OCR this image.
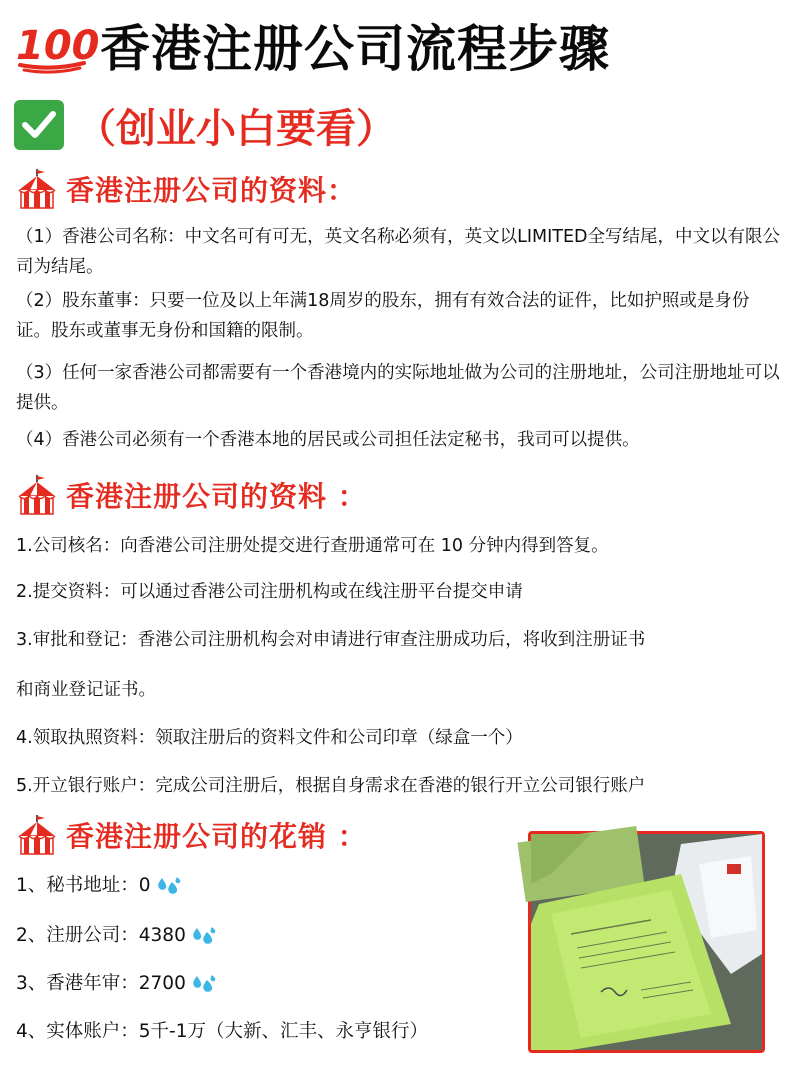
100 香港注册公司流程步骤
（创业小白要看）
香港注册公司的资料：
（1）香港公司名称：中文名可有可无，英文名称必须有，英文以LIMITED全写结尾，中文以有限公司为结尾。
（2）股东董事：只要一位及以上年满18周岁的股东，拥有有效合法的证件，比如护照或是身份证。股东或董事无身份和国籍的限制。
（3）任何一家香港公司都需要有一个香港境内的实际地址做为公司的注册地址，公司注册地址可以提供。
（4）香港公司必须有一个香港本地的居民或公司担任法定秘书，我司可以提供。
香港注册公司的资料 ：
1.公司核名：向香港公司注册处提交进行查册通常可在 10 分钟内得到答复。
2.提交资料：可以通过香港公司注册机构或在线注册平台提交申请
3.审批和登记：香港公司注册机构会对申请进行审查注册成功后，将收到注册证书
和商业登记证书。
4.领取执照资料：领取注册后的资料文件和公司印章（绿盒一个）
5.开立银行账户：完成公司注册后，根据自身需求在香港的银行开立公司银行账户
香港注册公司的花销 ：
1、秘书地址：0
2、注册公司：4380
3、香港年审：2700
4、实体账户：5千-1万（大新、汇丰、永亨银行）
